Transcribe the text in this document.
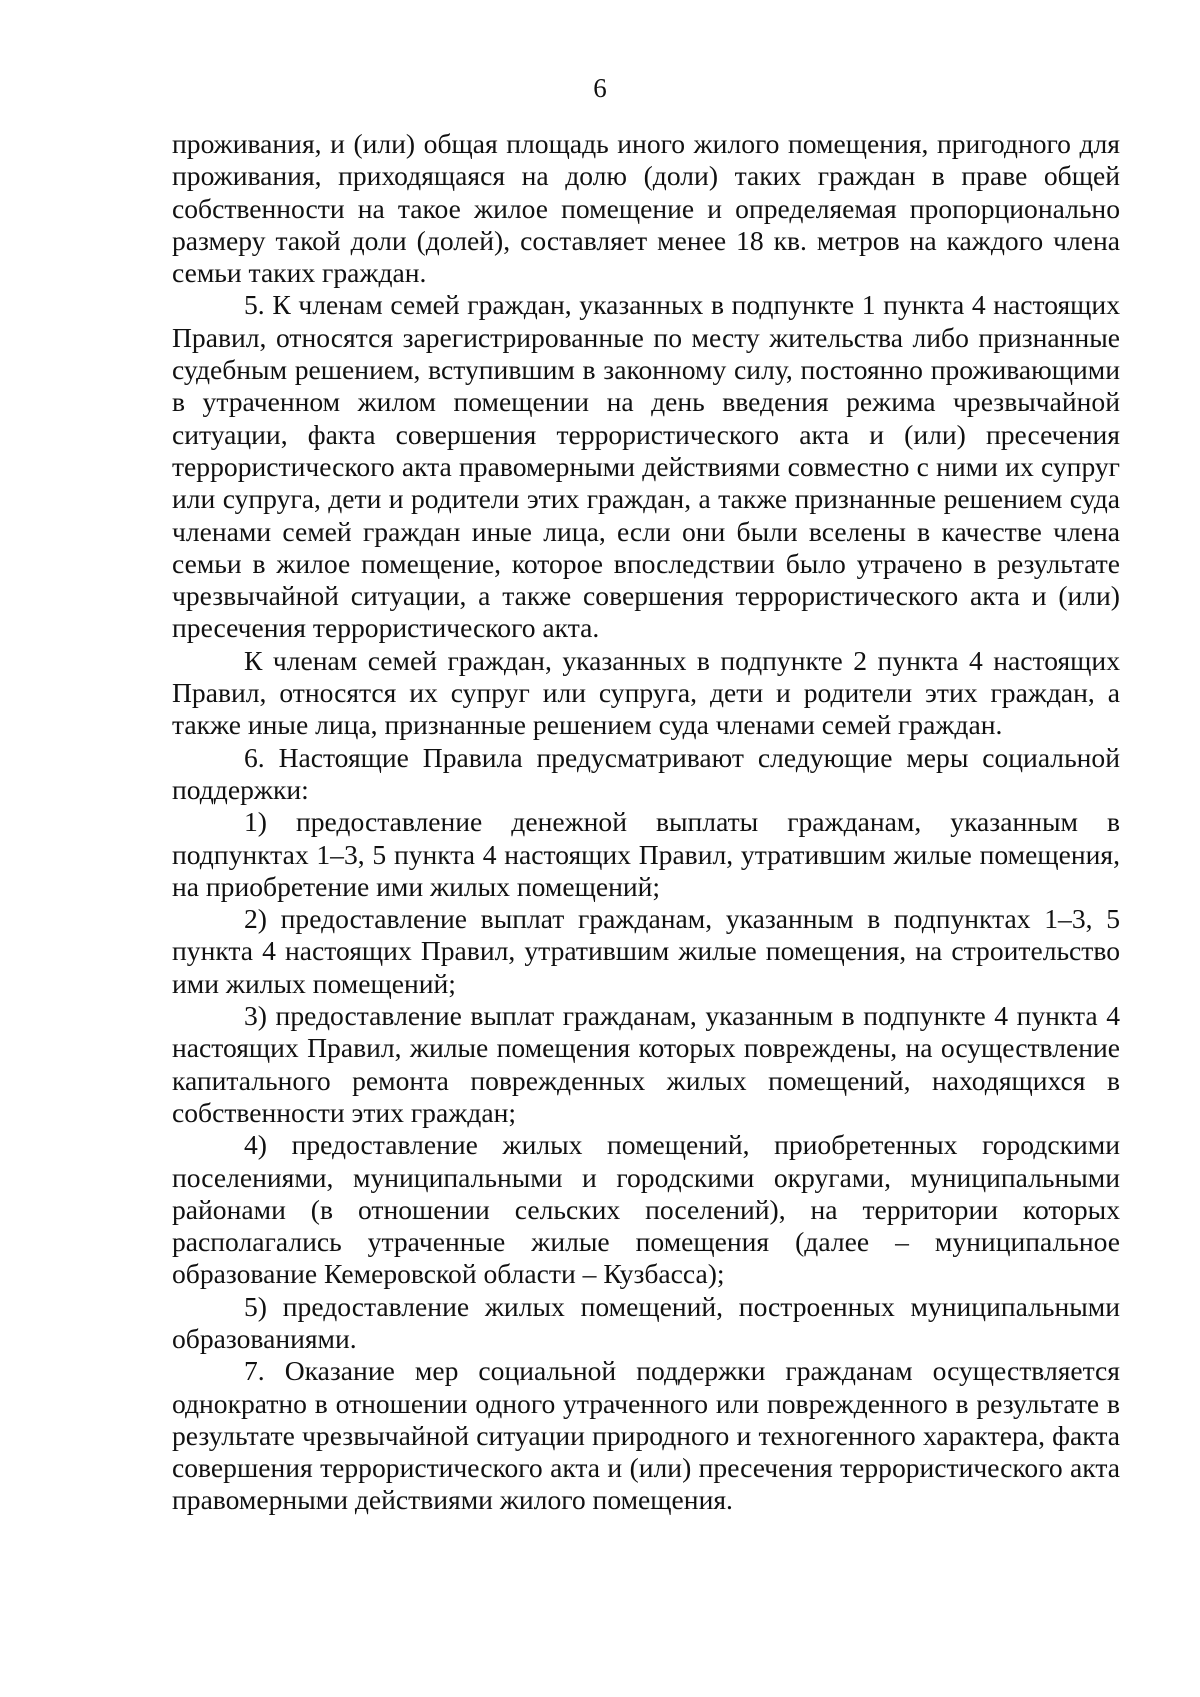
6

проживания, и (или) общая площадь иного жилого помещения, пригодного для проживания, приходящаяся на долю (доли) таких граждан в праве общей собственности на такое жилое помещение и определяемая пропорционально размеру такой доли (долей), составляет менее 18 кв. метров на каждого члена семьи таких граждан.

5. К членам семей граждан, указанных в подпункте 1 пункта 4 настоящих Правил, относятся зарегистрированные по месту жительства либо признанные судебным решением, вступившим в законному силу, постоянно проживающими в утраченном жилом помещении на день введения режима чрезвычайной ситуации, факта совершения террористического акта и (или) пресечения террористического акта правомерными действиями совместно с ними их супруг или супруга, дети и родители этих граждан, а также признанные решением суда членами семей граждан иные лица, если они были вселены в качестве члена семьи в жилое помещение, которое впоследствии было утрачено в результате чрезвычайной ситуации, а также совершения террористического акта и (или) пресечения террористического акта.

К членам семей граждан, указанных в подпункте 2 пункта 4 настоящих Правил, относятся их супруг или супруга, дети и родители этих граждан, а также иные лица, признанные решением суда членами семей граждан.

6. Настоящие Правила предусматривают следующие меры социальной поддержки:

1) предоставление денежной выплаты гражданам, указанным в подпунктах 1–3, 5 пункта 4 настоящих Правил, утратившим жилые помещения, на приобретение ими жилых помещений;

2) предоставление выплат гражданам, указанным в подпунктах 1–3, 5 пункта 4 настоящих Правил, утратившим жилые помещения, на строительство ими жилых помещений;

3) предоставление выплат гражданам, указанным в подпункте 4 пункта 4 настоящих Правил, жилые помещения которых повреждены, на осуществление капитального ремонта поврежденных жилых помещений, находящихся в собственности этих граждан;

4) предоставление жилых помещений, приобретенных городскими поселениями, муниципальными и городскими округами, муниципальными районами (в отношении сельских поселений), на территории которых располагались утраченные жилые помещения (далее – муниципальное образование Кемеровской области – Кузбасса);

5) предоставление жилых помещений, построенных муниципальными образованиями.

7. Оказание мер социальной поддержки гражданам осуществляется однократно в отношении одного утраченного или поврежденного в результате в результате чрезвычайной ситуации природного и техногенного характера, факта совершения террористического акта и (или) пресечения террористического акта правомерными действиями жилого помещения.
